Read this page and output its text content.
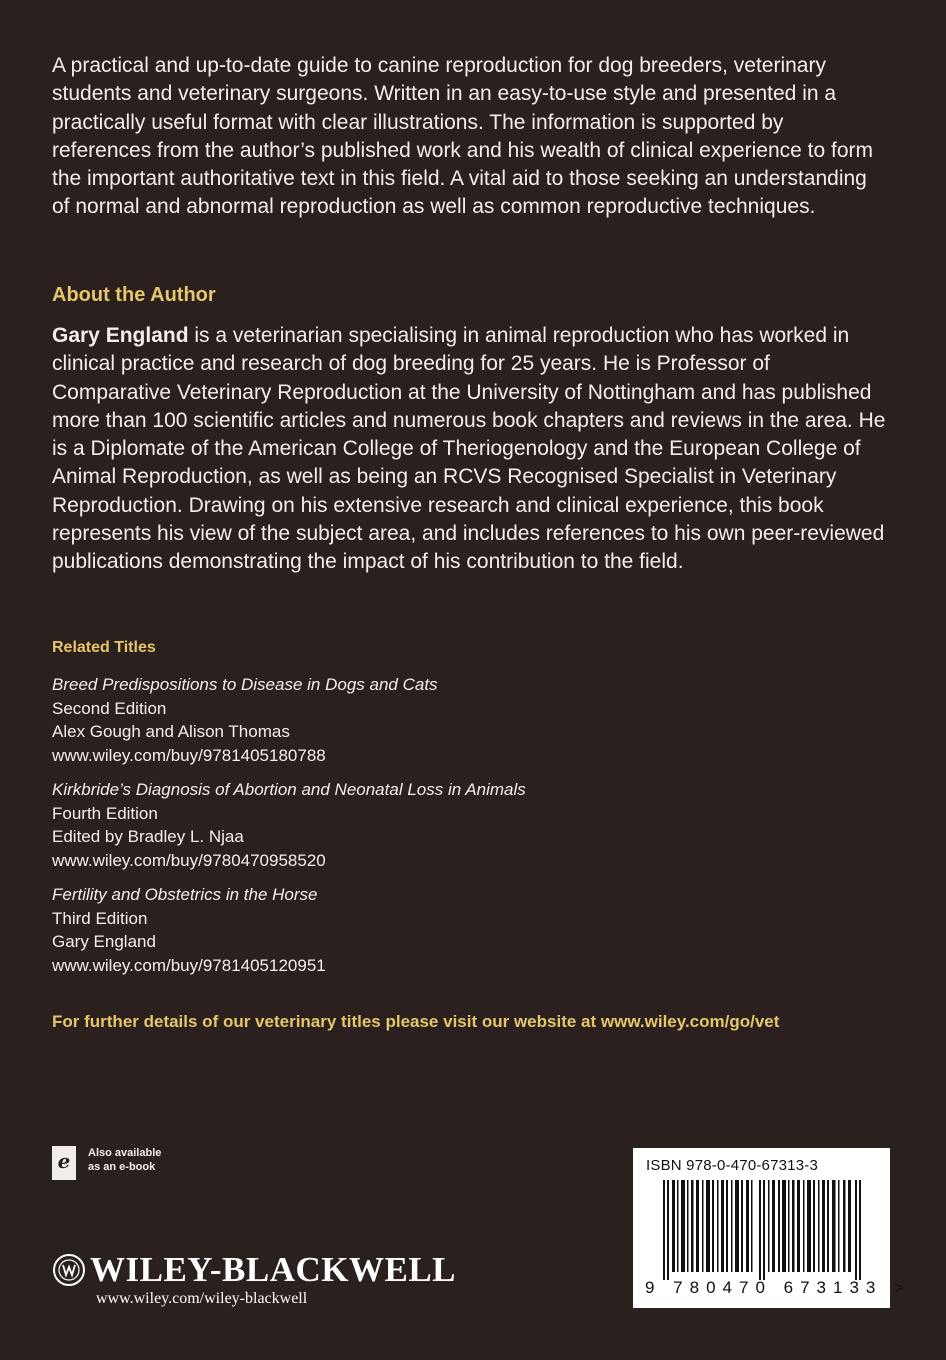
A practical and up-to-date guide to canine reproduction for dog breeders, veterinary students and veterinary surgeons. Written in an easy-to-use style and presented in a practically useful format with clear illustrations. The information is supported by references from the author’s published work and his wealth of clinical experience to form the important authoritative text in this field. A vital aid to those seeking an understanding of normal and abnormal reproduction as well as common reproductive techniques.

About the Author

Gary England is a veterinarian specialising in animal reproduction who has worked in clinical practice and research of dog breeding for 25 years. He is Professor of Comparative Veterinary Reproduction at the University of Nottingham and has published more than 100 scientific articles and numerous book chapters and reviews in the area. He is a Diplomate of the American College of Theriogenology and the European College of Animal Reproduction, as well as being an RCVS Recognised Specialist in Veterinary Reproduction. Drawing on his extensive research and clinical experience, this book represents his view of the subject area, and includes references to his own peer-reviewed publications demonstrating the impact of his contribution to the field.

Related Titles
Breed Predispositions to Disease in Dogs and Cats
Second Edition
Alex Gough and Alison Thomas
www.wiley.com/buy/9781405180788
Kirkbride’s Diagnosis of Abortion and Neonatal Loss in Animals
Fourth Edition
Edited by Bradley L. Njaa
www.wiley.com/buy/9780470958520
Fertility and Obstetrics in the Horse
Third Edition
Gary England
www.wiley.com/buy/9781405120951
For further details of our veterinary titles please visit our website at www.wiley.com/go/vet
e	Also available
as an e-book
WILEY-BLACKWELL
www.wiley.com/wiley-blackwell
ISBN 978-0-470-67313-3
9 780470 673133 >
